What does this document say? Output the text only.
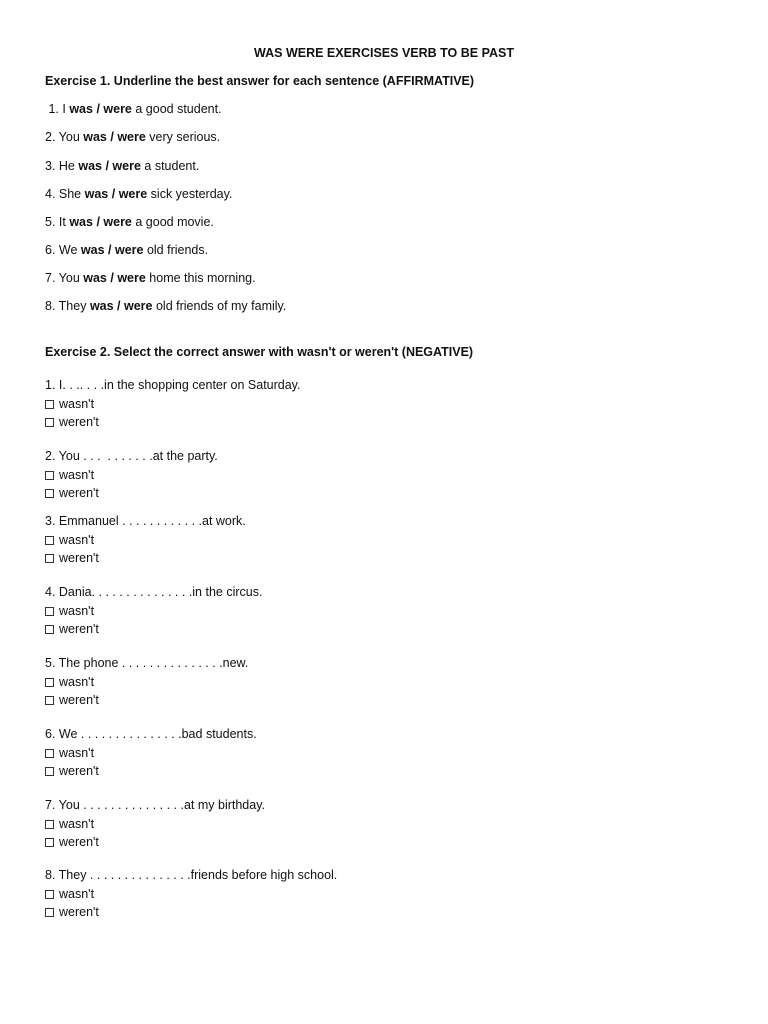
WAS WERE EXERCISES VERB TO BE PAST
Exercise 1. Underline the best answer for each sentence (AFFIRMATIVE)
1. I was / were a good student.
2. You was / were very serious.
3. He was / were a student.
4. She was / were sick yesterday.
5. It was / were a good movie.
6. We was / were old friends.
7. You was / were home this morning.
8. They was / were old friends of my family.
Exercise 2. Select the correct answer with wasn't or weren't (NEGATIVE)
1. I. . .. . . .in the shopping center on Saturday.
wasn't
weren't
2. You . . .  . . . . . . .at the party.
wasn't
weren't
3. Emmanuel . . . . . . . . . . . .at work.
wasn't
weren't
4. Dania. . . . . . . . . . . . . . .in the circus.
wasn't
weren't
5. The phone . . . . . . . . . . . . . . .new.
wasn't
weren't
6. We . . . . . . . . . . . . . . .bad students.
wasn't
weren't
7. You . . . . . . . . . . . . . . .at my birthday.
wasn't
weren't
8. They . . . . . . . . . . . . . . .friends before high school.
wasn't
weren't
